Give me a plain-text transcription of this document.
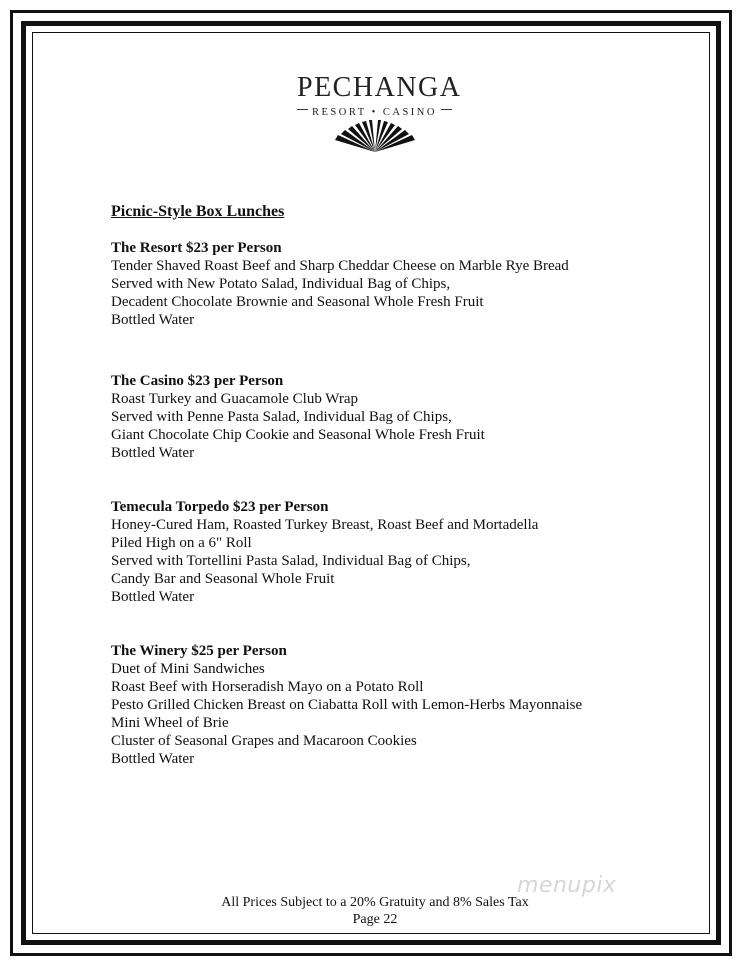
PECHANGA
RESORT • CASINO
Picnic-Style Box Lunches
The Resort $23 per Person
Tender Shaved Roast Beef and Sharp Cheddar Cheese on Marble Rye Bread
Served with New Potato Salad, Individual Bag of Chips,
Decadent Chocolate Brownie and Seasonal Whole Fresh Fruit
Bottled Water
The Casino $23 per Person
Roast Turkey and Guacamole Club Wrap
Served with Penne Pasta Salad, Individual Bag of Chips,
Giant Chocolate Chip Cookie and Seasonal Whole Fresh Fruit
Bottled Water
Temecula Torpedo $23 per Person
Honey-Cured Ham, Roasted Turkey Breast, Roast Beef and Mortadella
Piled High on a 6" Roll
Served with Tortellini Pasta Salad, Individual Bag of Chips,
Candy Bar and Seasonal Whole Fruit
Bottled Water
The Winery $25 per Person
Duet of Mini Sandwiches
Roast Beef with Horseradish Mayo on a Potato Roll
Pesto Grilled Chicken Breast on Ciabatta Roll with Lemon-Herbs Mayonnaise
Mini Wheel of Brie
Cluster of Seasonal Grapes and Macaroon Cookies
Bottled Water
menupix
All Prices Subject to a 20% Gratuity and 8% Sales Tax
Page 22
